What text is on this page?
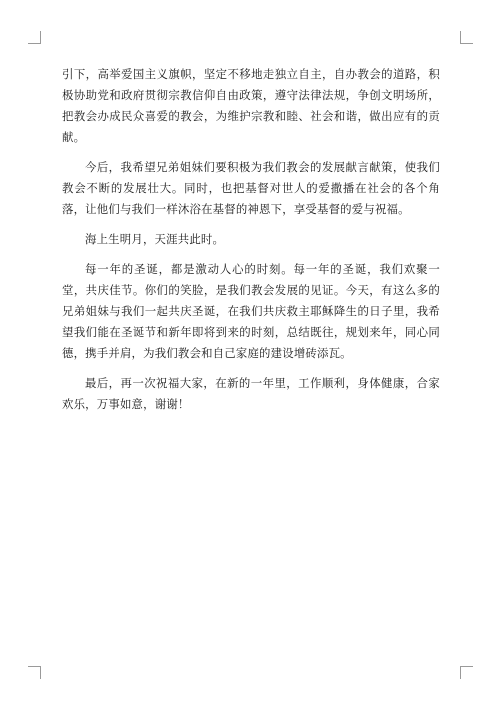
引下，高举爱国主义旗帜，坚定不移地走独立自主，自办教会的道路，积极协助党和政府贯彻宗教信仰自由政策，遵守法律法规，争创文明场所，把教会办成民众喜爱的教会，为维护宗教和睦、社会和谐，做出应有的贡献。

今后，我希望兄弟姐妹们要积极为我们教会的发展献言献策，使我们教会不断的发展壮大。同时，也把基督对世人的爱撒播在社会的各个角落，让他们与我们一样沐浴在基督的神恩下，享受基督的爱与祝福。

海上生明月，天涯共此时。

每一年的圣诞，都是激动人心的时刻。每一年的圣诞，我们欢聚一堂，共庆佳节。你们的笑脸，是我们教会发展的见证。今天，有这么多的兄弟姐妹与我们一起共庆圣诞，在我们共庆救主耶稣降生的日子里，我希望我们能在圣诞节和新年即将到来的时刻，总结既往，规划来年，同心同德，携手并肩，为我们教会和自己家庭的建设增砖添瓦。

最后，再一次祝福大家，在新的一年里，工作顺利，身体健康，合家欢乐，万事如意，谢谢！
